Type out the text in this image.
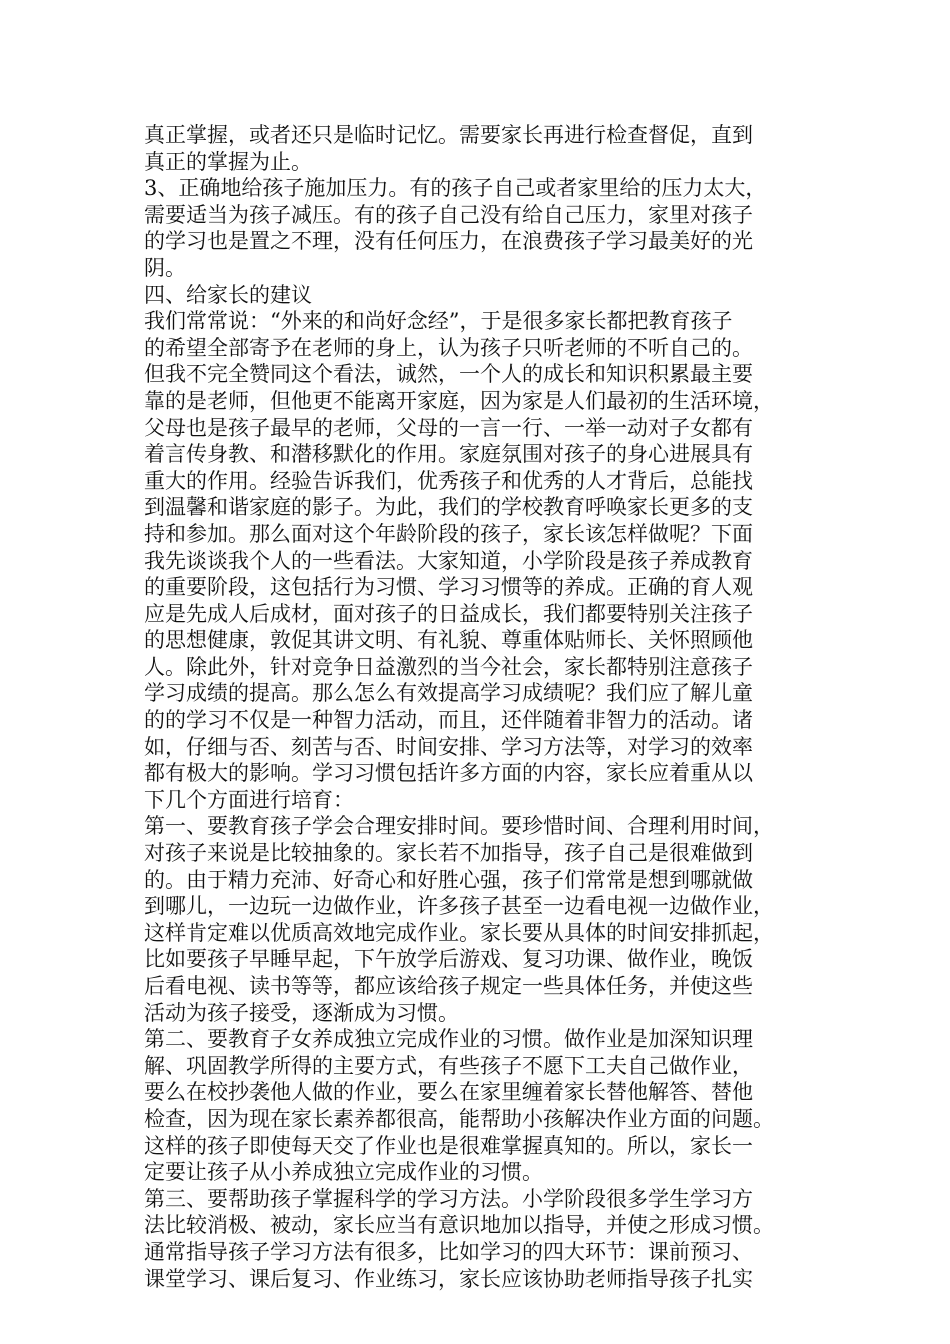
真正掌握，或者还只是临时记忆。需要家长再进行检查督促，直到
真正的掌握为止。
3、正确地给孩子施加压力。有的孩子自己或者家里给的压力太大，
需要适当为孩子减压。有的孩子自己没有给自己压力，家里对孩子
的学习也是置之不理，没有任何压力，在浪费孩子学习最美好的光
阴。
四、给家长的建议
我们常常说：“外来的和尚好念经”，于是很多家长都把教育孩子
的希望全部寄予在老师的身上，认为孩子只听老师的不听自己的。
但我不完全赞同这个看法，诚然，一个人的成长和知识积累最主要
靠的是老师，但他更不能离开家庭，因为家是人们最初的生活环境，
父母也是孩子最早的老师，父母的一言一行、一举一动对子女都有
着言传身教、和潜移默化的作用。家庭氛围对孩子的身心进展具有
重大的作用。经验告诉我们，优秀孩子和优秀的人才背后，总能找
到温馨和谐家庭的影子。为此，我们的学校教育呼唤家长更多的支
持和参加。那么面对这个年龄阶段的孩子，家长该怎样做呢？下面
我先谈谈我个人的一些看法。大家知道，小学阶段是孩子养成教育
的重要阶段，这包括行为习惯、学习习惯等的养成。正确的育人观
应是先成人后成材，面对孩子的日益成长，我们都要特别关注孩子
的思想健康，敦促其讲文明、有礼貌、尊重体贴师长、关怀照顾他
人。除此外，针对竞争日益激烈的当今社会，家长都特别注意孩子
学习成绩的提高。那么怎么有效提高学习成绩呢？我们应了解儿童
的的学习不仅是一种智力活动，而且，还伴随着非智力的活动。诸
如，仔细与否、刻苦与否、时间安排、学习方法等，对学习的效率
都有极大的影响。学习习惯包括许多方面的内容，家长应着重从以
下几个方面进行培育：
第一、要教育孩子学会合理安排时间。要珍惜时间、合理利用时间，
对孩子来说是比较抽象的。家长若不加指导，孩子自己是很难做到
的。由于精力充沛、好奇心和好胜心强，孩子们常常是想到哪就做
到哪儿，一边玩一边做作业，许多孩子甚至一边看电视一边做作业，
这样肯定难以优质高效地完成作业。家长要从具体的时间安排抓起，
比如要孩子早睡早起，下午放学后游戏、复习功课、做作业，晚饭
后看电视、读书等等，都应该给孩子规定一些具体任务，并使这些
活动为孩子接受，逐渐成为习惯。
第二、要教育子女养成独立完成作业的习惯。做作业是加深知识理
解、巩固教学所得的主要方式，有些孩子不愿下工夫自己做作业，
要么在校抄袭他人做的作业，要么在家里缠着家长替他解答、替他
检查，因为现在家长素养都很高，能帮助小孩解决作业方面的问题。
这样的孩子即使每天交了作业也是很难掌握真知的。所以，家长一
定要让孩子从小养成独立完成作业的习惯。
第三、要帮助孩子掌握科学的学习方法。小学阶段很多学生学习方
法比较消极、被动，家长应当有意识地加以指导，并使之形成习惯。
通常指导孩子学习方法有很多，比如学习的四大环节：课前预习、
课堂学习、课后复习、作业练习，家长应该协助老师指导孩子扎实
